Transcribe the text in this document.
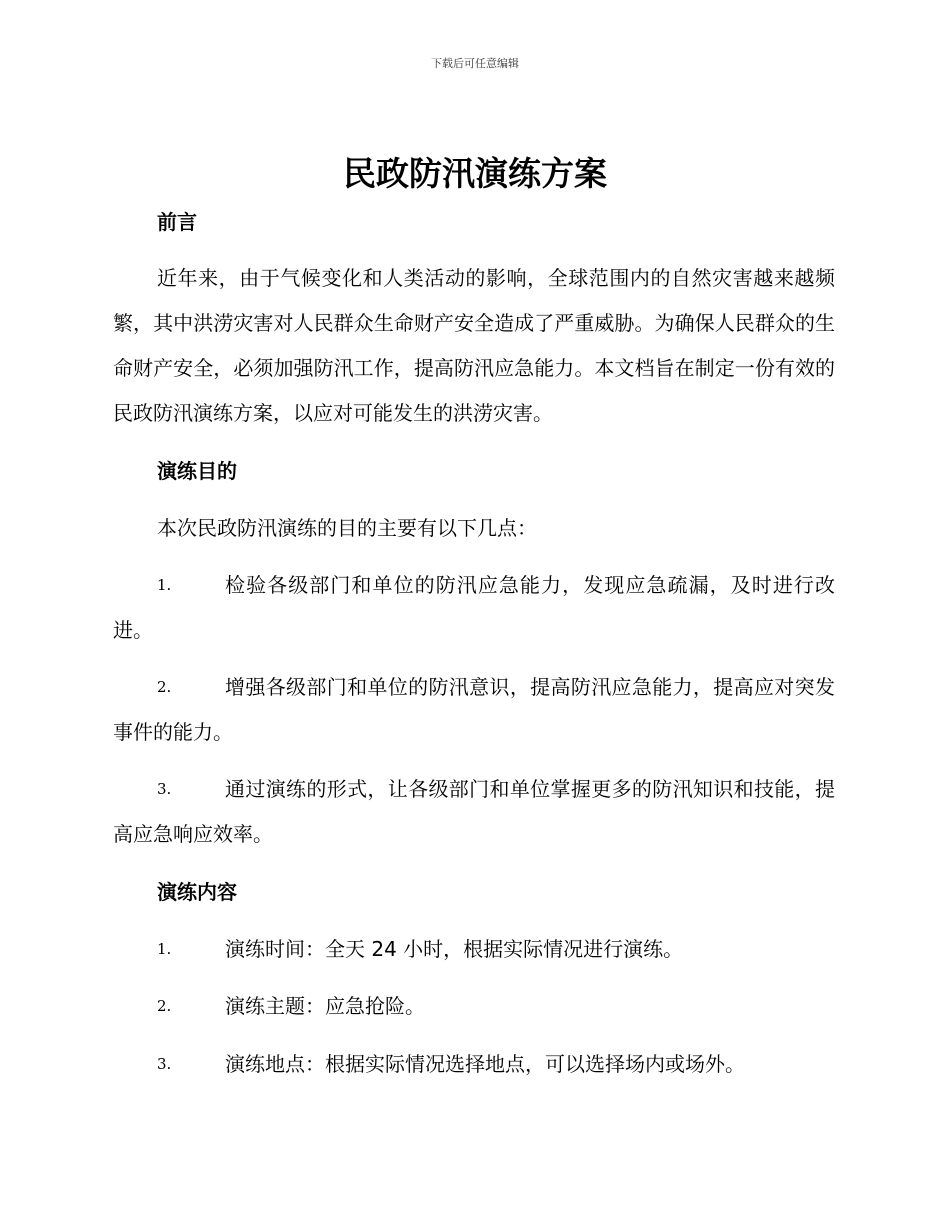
下载后可任意编辑
民政防汛演练方案
前言
近年来，由于气候变化和人类活动的影响，全球范围内的自然灾害越来越频繁，其中洪涝灾害对人民群众生命财产安全造成了严重威胁。为确保人民群众的生命财产安全，必须加强防汛工作，提高防汛应急能力。本文档旨在制定一份有效的民政防汛演练方案，以应对可能发生的洪涝灾害。
演练目的
本次民政防汛演练的目的主要有以下几点：
1.	检验各级部门和单位的防汛应急能力，发现应急疏漏，及时进行改进。
2.	增强各级部门和单位的防汛意识，提高防汛应急能力，提高应对突发事件的能力。
3.	通过演练的形式，让各级部门和单位掌握更多的防汛知识和技能，提高应急响应效率。
演练内容
1.	演练时间：全天 24 小时，根据实际情况进行演练。
2.	演练主题：应急抢险。
3.	演练地点：根据实际情况选择地点，可以选择场内或场外。
